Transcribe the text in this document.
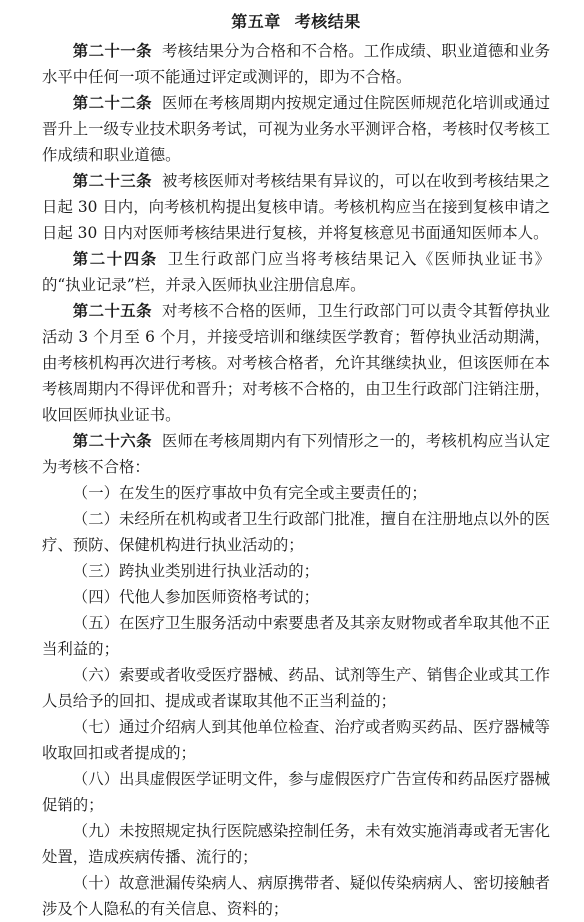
第五章 考核结果

第二十一条 考核结果分为合格和不合格。工作成绩、职业道德和业务水平中任何一项不能通过评定或测评的，即为不合格。

第二十二条 医师在考核周期内按规定通过住院医师规范化培训或通过晋升上一级专业技术职务考试，可视为业务水平测评合格，考核时仅考核工作成绩和职业道德。

第二十三条 被考核医师对考核结果有异议的，可以在收到考核结果之日起 30 日内，向考核机构提出复核申请。考核机构应当在接到复核申请之日起 30 日内对医师考核结果进行复核，并将复核意见书面通知医师本人。

第二十四条 卫生行政部门应当将考核结果记入《医师执业证书》的“执业记录”栏，并录入医师执业注册信息库。

第二十五条 对考核不合格的医师，卫生行政部门可以责令其暂停执业活动 3 个月至 6 个月，并接受培训和继续医学教育；暂停执业活动期满，由考核机构再次进行考核。对考核合格者，允许其继续执业，但该医师在本考核周期内不得评优和晋升；对考核不合格的，由卫生行政部门注销注册，收回医师执业证书。

第二十六条 医师在考核周期内有下列情形之一的，考核机构应当认定为考核不合格：

（一）在发生的医疗事故中负有完全或主要责任的；

（二）未经所在机构或者卫生行政部门批准，擅自在注册地点以外的医疗、预防、保健机构进行执业活动的；

（三）跨执业类别进行执业活动的；

（四）代他人参加医师资格考试的；

（五）在医疗卫生服务活动中索要患者及其亲友财物或者牟取其他不正当利益的；

（六）索要或者收受医疗器械、药品、试剂等生产、销售企业或其工作人员给予的回扣、提成或者谋取其他不正当利益的；

（七）通过介绍病人到其他单位检查、治疗或者购买药品、医疗器械等收取回扣或者提成的；

（八）出具虚假医学证明文件，参与虚假医疗广告宣传和药品医疗器械促销的；

（九）未按照规定执行医院感染控制任务，未有效实施消毒或者无害化处置，造成疾病传播、流行的；

（十）故意泄漏传染病人、病原携带者、疑似传染病病人、密切接触者涉及个人隐私的有关信息、资料的；
